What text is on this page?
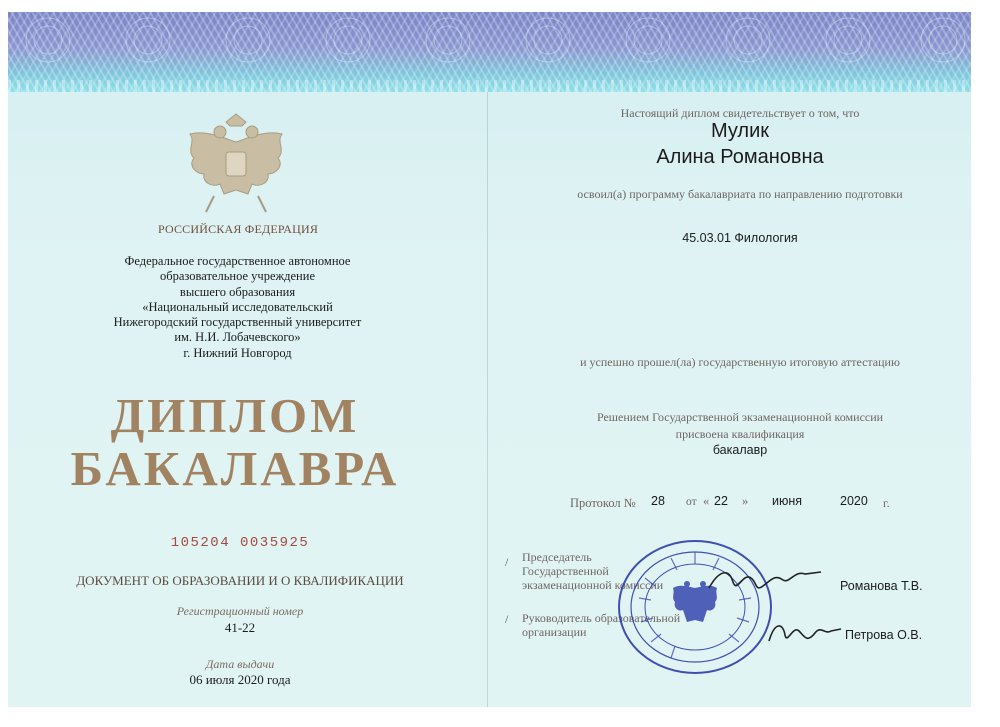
РОССИЙСКАЯ ФЕДЕРАЦИЯ
Федеральное государственное автономное
образовательное учреждение
высшего образования
«Национальный исследовательский
Нижегородский государственный университет
им. Н.И. Лобачевского»
г. Нижний Новгород
ДИПЛОМ
БАКАЛАВРА
105204 0035925
ДОКУМЕНТ ОБ ОБРАЗОВАНИИ И О КВАЛИФИКАЦИИ
Регистрационный номер
41-22
Дата выдачи
06 июля 2020 года
Настоящий диплом свидетельствует о том, что
Мулик
Алина Романовна
освоил(а) программу бакалавриата по направлению подготовки
45.03.01 Филология
и успешно прошел(ла) государственную итоговую аттестацию
Решением Государственной экзаменационной комиссии
присвоена квалификация
бакалавр
Протокол № 28 от « 22 » июня	2020 г.
/
/
Председатель
Государственной
экзаменационной комиссии
Руководитель образовательной
организации
Романова Т.В.
Петрова О.В.
